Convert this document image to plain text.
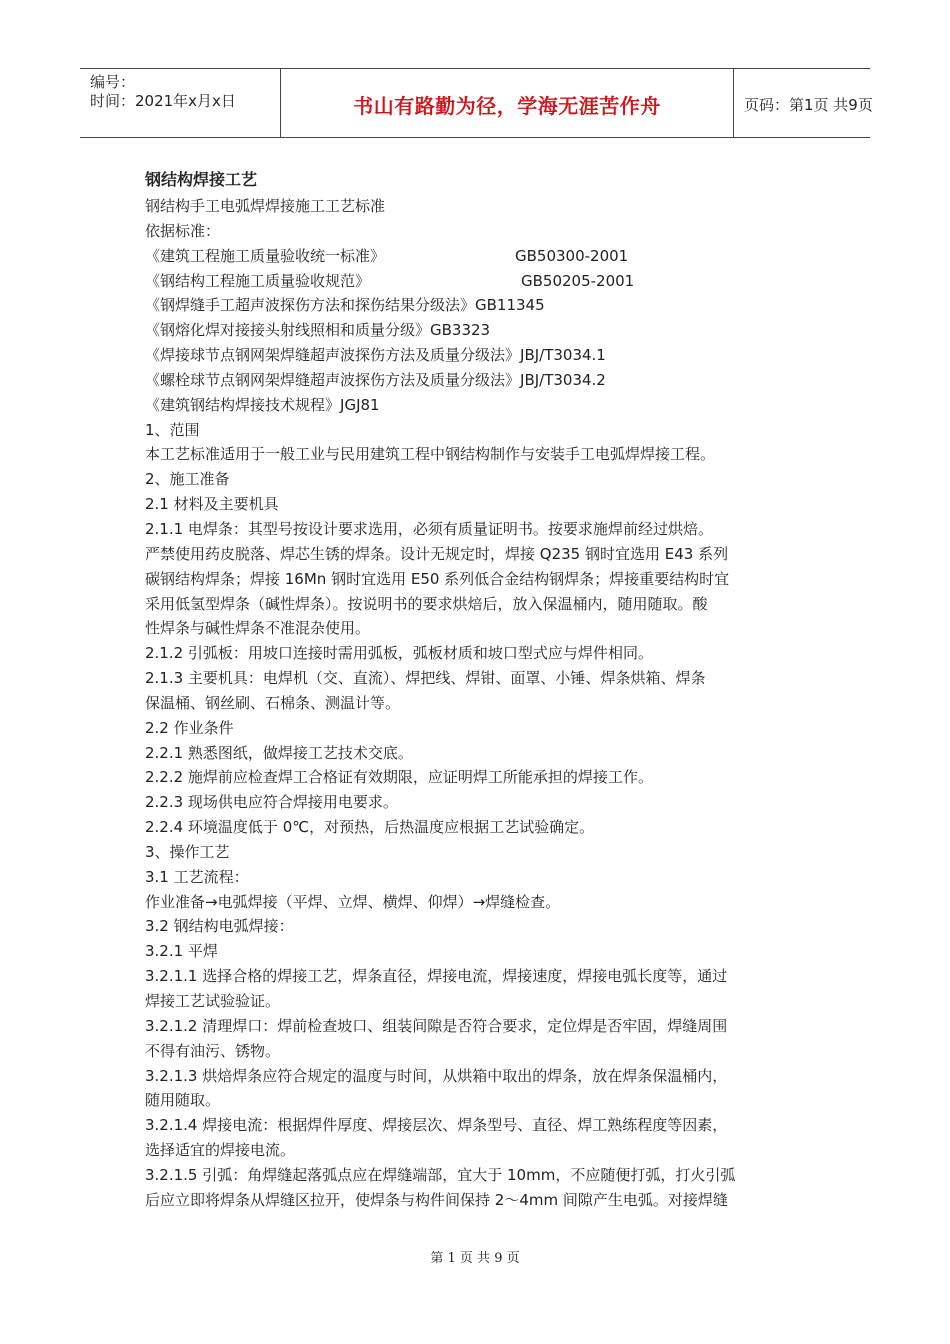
编号：
时间：2021年x月x日	书山有路勤为径，学海无涯苦作舟	页码：第1页 共9页
钢结构焊接工艺

钢结构手工电弧焊焊接施工工艺标准

依据标准：

《建筑工程施工质量验收统一标准》	GB50300-2001

《钢结构工程施工质量验收规范》	GB50205-2001

《钢焊缝手工超声波探伤方法和探伤结果分级法》GB11345

《钢熔化焊对接接头射线照相和质量分级》GB3323

《焊接球节点钢网架焊缝超声波探伤方法及质量分级法》JBJ/T3034.1

《螺栓球节点钢网架焊缝超声波探伤方法及质量分级法》JBJ/T3034.2

《建筑钢结构焊接技术规程》JGJ81

1、范围

本工艺标准适用于一般工业与民用建筑工程中钢结构制作与安装手工电弧焊焊接工程。

2、施工准备

2.1 材料及主要机具

2.1.1 电焊条：其型号按设计要求选用，必须有质量证明书。按要求施焊前经过烘焙。

严禁使用药皮脱落、焊芯生锈的焊条。设计无规定时，焊接 Q235 钢时宜选用 E43 系列

碳钢结构焊条；焊接 16Mn 钢时宜选用 E50 系列低合金结构钢焊条；焊接重要结构时宜

采用低氢型焊条（碱性焊条）。按说明书的要求烘焙后，放入保温桶内，随用随取。酸

性焊条与碱性焊条不准混杂使用。

2.1.2 引弧板：用坡口连接时需用弧板，弧板材质和坡口型式应与焊件相同。

2.1.3 主要机具：电焊机（交、直流）、焊把线、焊钳、面罩、小锤、焊条烘箱、焊条

保温桶、钢丝刷、石棉条、测温计等。

2.2 作业条件

2.2.1 熟悉图纸，做焊接工艺技术交底。

2.2.2 施焊前应检查焊工合格证有效期限，应证明焊工所能承担的焊接工作。

2.2.3 现场供电应符合焊接用电要求。

2.2.4 环境温度低于 0℃，对预热，后热温度应根据工艺试验确定。

3、操作工艺

3.1 工艺流程：

作业准备→电弧焊接（平焊、立焊、横焊、仰焊）→焊缝检查。

3.2 钢结构电弧焊接：

3.2.1 平焊

3.2.1.1 选择合格的焊接工艺，焊条直径，焊接电流，焊接速度，焊接电弧长度等，通过

焊接工艺试验验证。

3.2.1.2 清理焊口：焊前检查坡口、组装间隙是否符合要求，定位焊是否牢固，焊缝周围

不得有油污、锈物。

3.2.1.3 烘焙焊条应符合规定的温度与时间，从烘箱中取出的焊条，放在焊条保温桶内，

随用随取。

3.2.1.4 焊接电流：根据焊件厚度、焊接层次、焊条型号、直径、焊工熟练程度等因素，

选择适宜的焊接电流。

3.2.1.5 引弧：角焊缝起落弧点应在焊缝端部，宜大于 10mm，不应随便打弧，打火引弧

后应立即将焊条从焊缝区拉开，使焊条与构件间保持 2～4mm 间隙产生电弧。对接焊缝

第 1 页 共 9 页
